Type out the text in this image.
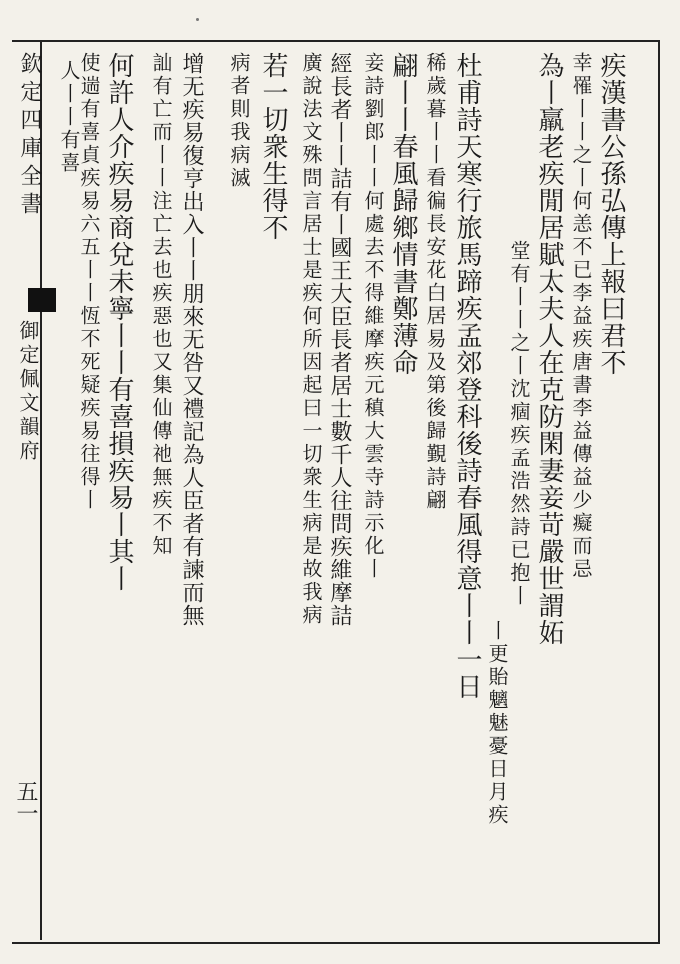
欽定四庫全書
御定佩文韻府
五一
疾漢書公孫弘傳上報曰君不
幸罹丨丨之丨何恙不已李益疾唐書李益傳益少癡而忌
為丨羸老疾閒居賦太夫人在克防閑妻妾苛嚴世謂妬
堂有丨丨之丨沈痼疾孟浩然詩已抱丨
丨更貽魑魅憂日月疾
杜甫詩天寒行旅馬蹄疾孟郊登科後詩春風得意丨丨一日
稀歲暮丨丨看徧長安花白居易及第後歸覲詩翩
翩丨丨春風歸鄉情書鄭薄命
妾詩劉郎丨丨何處去不得維摩疾元稹大雲寺詩示化丨
經長者丨丨詰有丨國王大臣長者居士數千人往問疾維摩詰
廣說法文殊問言居士是疾何所因起曰一切衆生病是故我病
若一切衆生得不
病者則我病滅
增无疾易復亨出入丨丨朋來无咎又禮記為人臣者有諫而無
訕有亡而丨丨注亡去也疾惡也又集仙傳祂無疾不知
何許人介疾易商兌未寧丨丨有喜損疾易丨其丨
使遄有喜貞疾易六五丨丨恆不死疑疾易往得丨
人丨丨有喜
